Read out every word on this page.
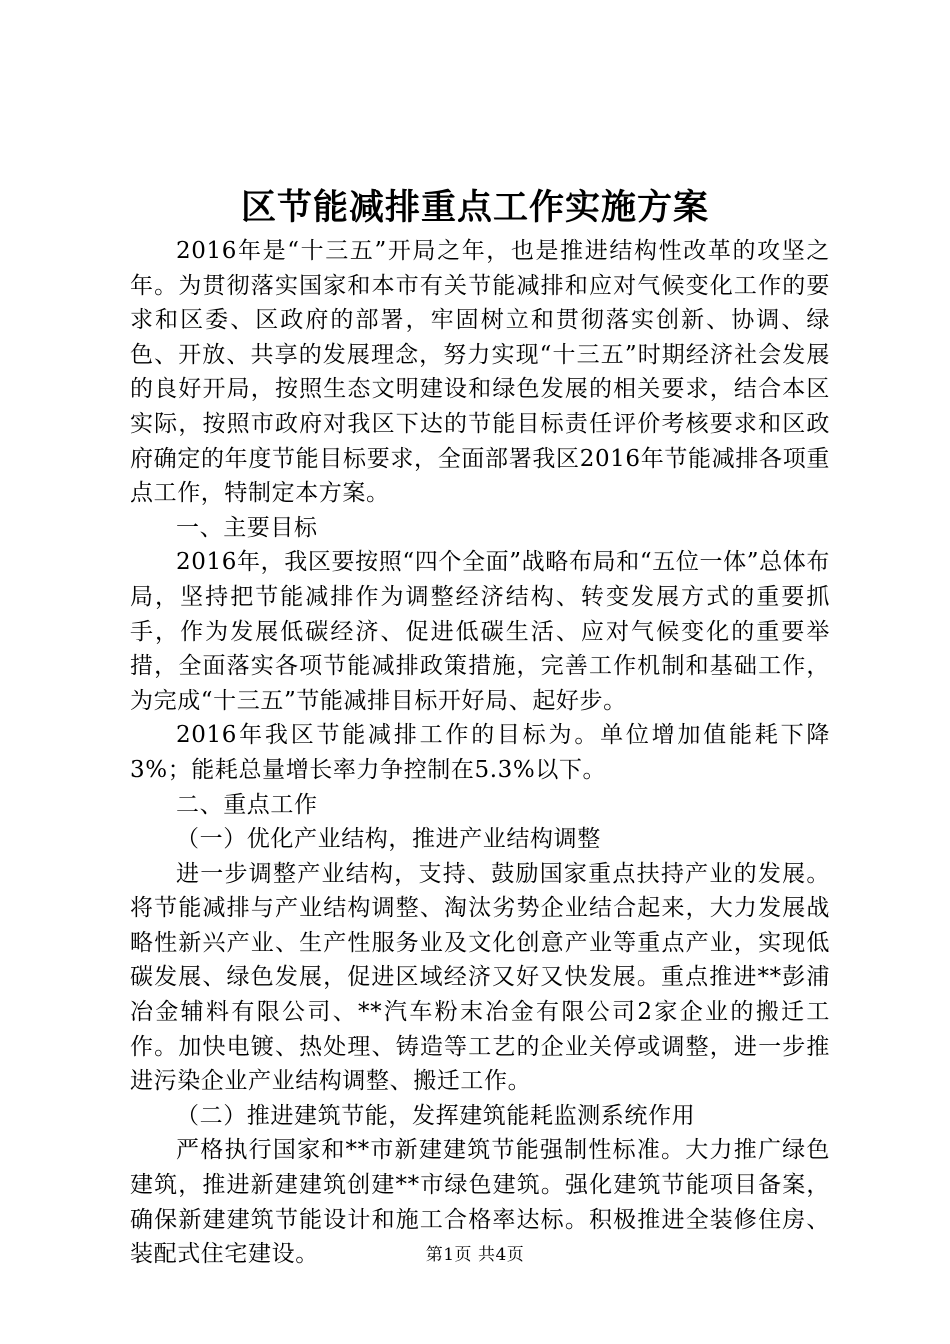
区节能减排重点工作实施方案

2016年是“十三五”开局之年，也是推进结构性改革的攻坚之年。为贯彻落实国家和本市有关节能减排和应对气候变化工作的要求和区委、区政府的部署，牢固树立和贯彻落实创新、协调、绿色、开放、共享的发展理念，努力实现“十三五”时期经济社会发展的良好开局，按照生态文明建设和绿色发展的相关要求，结合本区实际，按照市政府对我区下达的节能目标责任评价考核要求和区政府确定的年度节能目标要求，全面部署我区2016年节能减排各项重点工作，特制定本方案。

一、主要目标

2016年，我区要按照“四个全面”战略布局和“五位一体”总体布局，坚持把节能减排作为调整经济结构、转变发展方式的重要抓手，作为发展低碳经济、促进低碳生活、应对气候变化的重要举措，全面落实各项节能减排政策措施，完善工作机制和基础工作，为完成“十三五”节能减排目标开好局、起好步。

2016年我区节能减排工作的目标为。单位增加值能耗下降3%；能耗总量增长率力争控制在5.3%以下。

二、重点工作

（一）优化产业结构，推进产业结构调整

进一步调整产业结构，支持、鼓励国家重点扶持产业的发展。将节能减排与产业结构调整、淘汰劣势企业结合起来，大力发展战略性新兴产业、生产性服务业及文化创意产业等重点产业，实现低碳发展、绿色发展，促进区域经济又好又快发展。重点推进**彭浦冶金辅料有限公司、**汽车粉末冶金有限公司2家企业的搬迁工作。加快电镀、热处理、铸造等工艺的企业关停或调整，进一步推进污染企业产业结构调整、搬迁工作。

（二）推进建筑节能，发挥建筑能耗监测系统作用

严格执行国家和**市新建建筑节能强制性标准。大力推广绿色建筑，推进新建建筑创建**市绿色建筑。强化建筑节能项目备案，确保新建建筑节能设计和施工合格率达标。积极推进全装修住房、装配式住宅建设。	第1页 共4页
